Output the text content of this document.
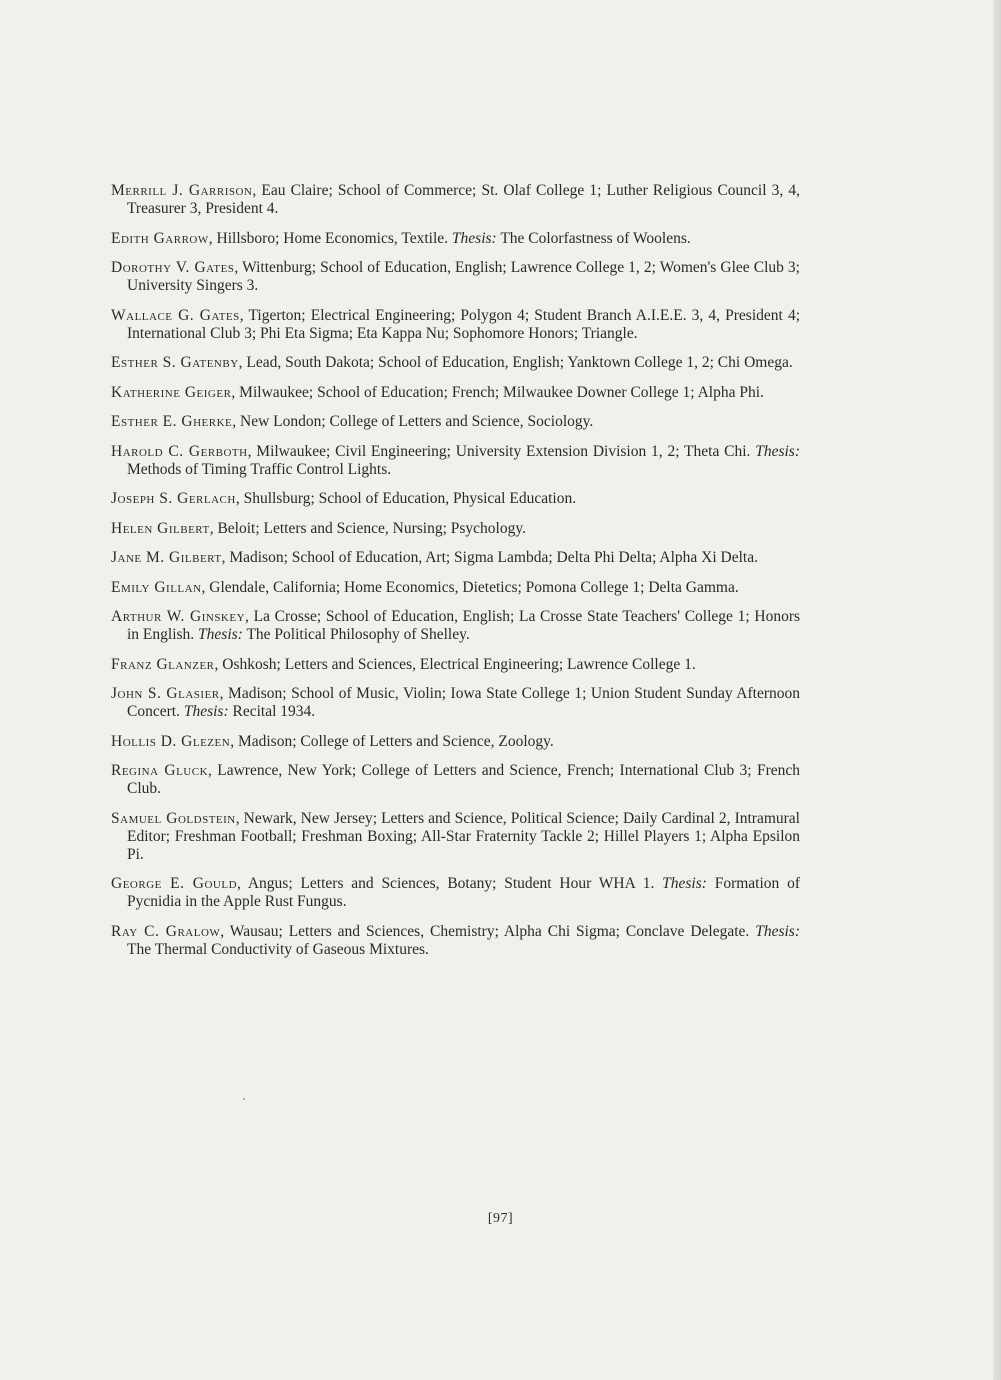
Merrill J. Garrison, Eau Claire; School of Commerce; St. Olaf College 1; Luther Religious Council 3, 4, Treasurer 3, President 4.

Edith Garrow, Hillsboro; Home Economics, Textile. Thesis: The Colorfastness of Woolens.

Dorothy V. Gates, Wittenburg; School of Education, English; Lawrence College 1, 2; Women's Glee Club 3; University Singers 3.

Wallace G. Gates, Tigerton; Electrical Engineering; Polygon 4; Student Branch A.I.E.E. 3, 4, President 4; International Club 3; Phi Eta Sigma; Eta Kappa Nu; Sophomore Honors; Triangle.

Esther S. Gatenby, Lead, South Dakota; School of Education, English; Yanktown College 1, 2; Chi Omega.

Katherine Geiger, Milwaukee; School of Education; French; Milwaukee Downer College 1; Alpha Phi.

Esther E. Gherke, New London; College of Letters and Science, Sociology.

Harold C. Gerboth, Milwaukee; Civil Engineering; University Extension Division 1, 2; Theta Chi. Thesis: Methods of Timing Traffic Control Lights.

Joseph S. Gerlach, Shullsburg; School of Education, Physical Education.

Helen Gilbert, Beloit; Letters and Science, Nursing; Psychology.

Jane M. Gilbert, Madison; School of Education, Art; Sigma Lambda; Delta Phi Delta; Alpha Xi Delta.

Emily Gillan, Glendale, California; Home Economics, Dietetics; Pomona College 1; Delta Gamma.

Arthur W. Ginskey, La Crosse; School of Education, English; La Crosse State Teachers' College 1; Honors in English. Thesis: The Political Philosophy of Shelley.

Franz Glanzer, Oshkosh; Letters and Sciences, Electrical Engineering; Lawrence College 1.

John S. Glasier, Madison; School of Music, Violin; Iowa State College 1; Union Student Sunday Afternoon Concert. Thesis: Recital 1934.

Hollis D. Glezen, Madison; College of Letters and Science, Zoology.

Regina Gluck, Lawrence, New York; College of Letters and Science, French; International Club 3; French Club.

Samuel Goldstein, Newark, New Jersey; Letters and Science, Political Science; Daily Cardinal 2, Intramural Editor; Freshman Football; Freshman Boxing; All-Star Fraternity Tackle 2; Hillel Players 1; Alpha Epsilon Pi.

George E. Gould, Angus; Letters and Sciences, Botany; Student Hour WHA 1. Thesis: Formation of Pycnidia in the Apple Rust Fungus.

Ray C. Gralow, Wausau; Letters and Sciences, Chemistry; Alpha Chi Sigma; Conclave Delegate. Thesis: The Thermal Conductivity of Gaseous Mixtures.

[97]
